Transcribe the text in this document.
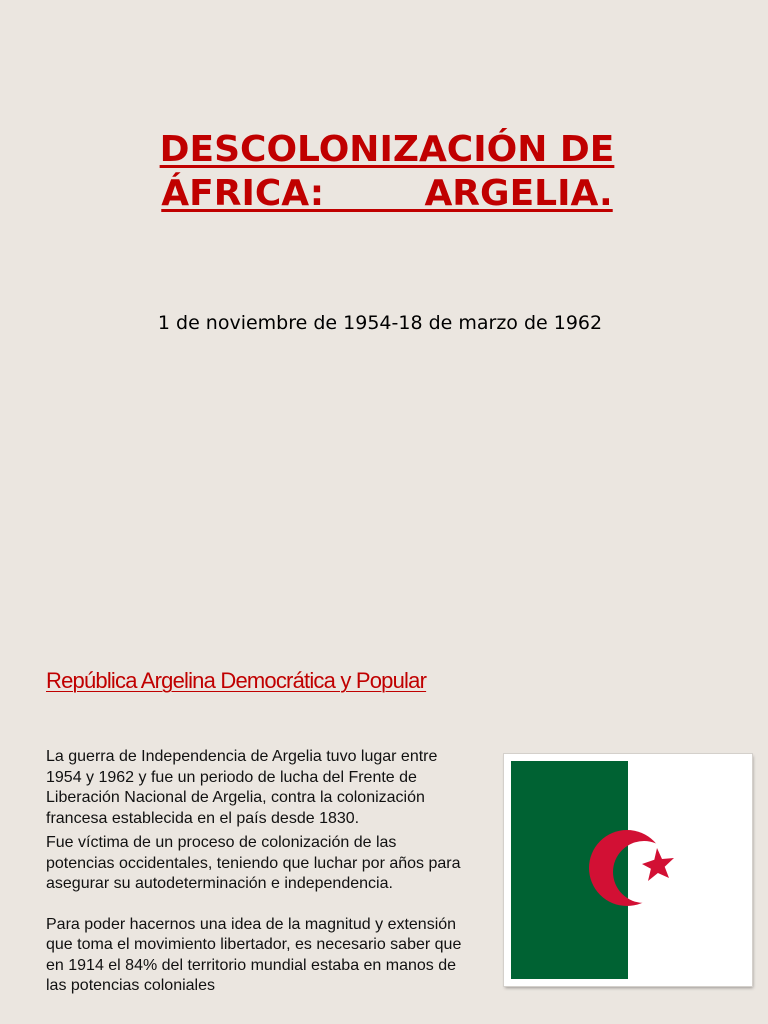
DESCOLONIZACIÓN DE
ÁFRICA:        ARGELIA.
1 de noviembre de 1954-18 de marzo de 1962
República Argelina Democrática y Popular

La guerra de Independencia de Argelia tuvo lugar entre 1954 y 1962 y fue un periodo de lucha del Frente de Liberación Nacional de Argelia, contra la colonización francesa establecida en el país desde 1830.

Fue víctima de un proceso de colonización de las potencias occidentales, teniendo que luchar por años para asegurar su autodeterminación e independencia.

Para poder hacernos una idea de la magnitud y extensión que toma el movimiento libertador, es necesario saber que en 1914 el 84% del territorio mundial estaba en manos de las potencias coloniales
